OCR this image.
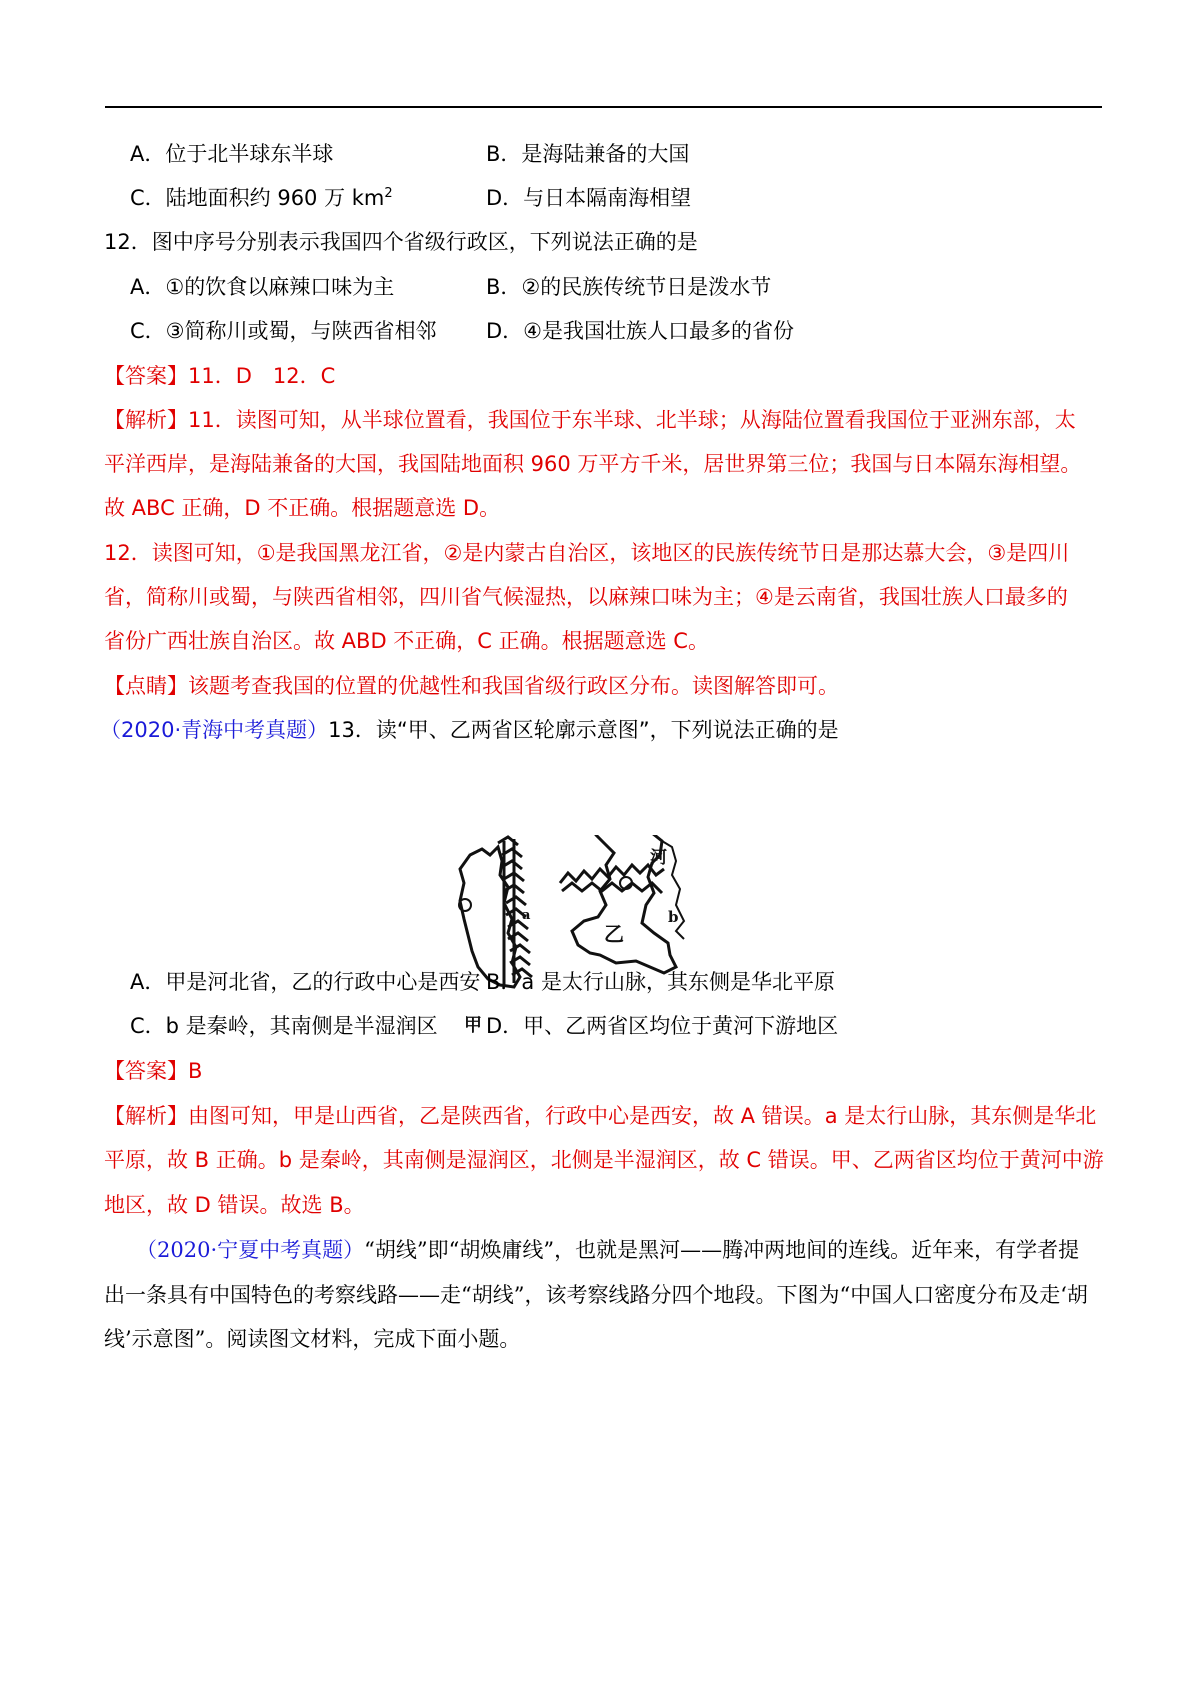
A．位于北半球东半球	B．是海陆兼备的大国
C．陆地面积约 960 万 $km^2$	D．与日本隔南海相望
12．图中序号分别表示我国四个省级行政区，下列说法正确的是
A．①的饮食以麻辣口味为主	B．②的民族传统节日是泼水节
C．③简称川或蜀，与陕西省相邻 D．④是我国壮族人口最多的省份
【答案】11．D　12．C
【解析】11．读图可知，从半球位置看，我国位于东半球、北半球；从海陆位置看我国位于亚洲东部，太
平洋西岸，是海陆兼备的大国，我国陆地面积 960 万平方千米，居世界第三位；我国与日本隔东海相望。
故 ABC 正确，D 不正确。根据题意选 D。
12．读图可知，①是我国黑龙江省，②是内蒙古自治区，该地区的民族传统节日是那达慕大会，③是四川
省，简称川或蜀，与陕西省相邻，四川省气候湿热，以麻辣口味为主；④是云南省，我国壮族人口最多的
省份广西壮族自治区。故 ABD 不正确，C 正确。根据题意选 C。
【点睛】该题考查我国的位置的优越性和我国省级行政区分布。读图解答即可。
（2020·青海中考真题）13．读“甲、乙两省区轮廓示意图”，下列说法正确的是
a
甲
河
b
乙
A．甲是河北省，乙的行政中心是西安 B．a 是太行山脉，其东侧是华北平原
C．b 是秦岭，其南侧是半湿润区 D．甲、乙两省区均位于黄河下游地区
【答案】B
【解析】由图可知，甲是山西省，乙是陕西省，行政中心是西安，故 A 错误。a 是太行山脉，其东侧是华北
平原，故 B 正确。b 是秦岭，其南侧是湿润区，北侧是半湿润区，故 C 错误。甲、乙两省区均位于黄河中游
地区，故 D 错误。故选 B。
（2020·宁夏中考真题）“胡线”即“胡焕庸线”，也就是黑河——腾冲两地间的连线。近年来，有学者提
出一条具有中国特色的考察线路——走“胡线”，该考察线路分四个地段。下图为“中国人口密度分布及走‘胡
线’示意图”。阅读图文材料，完成下面小题。
